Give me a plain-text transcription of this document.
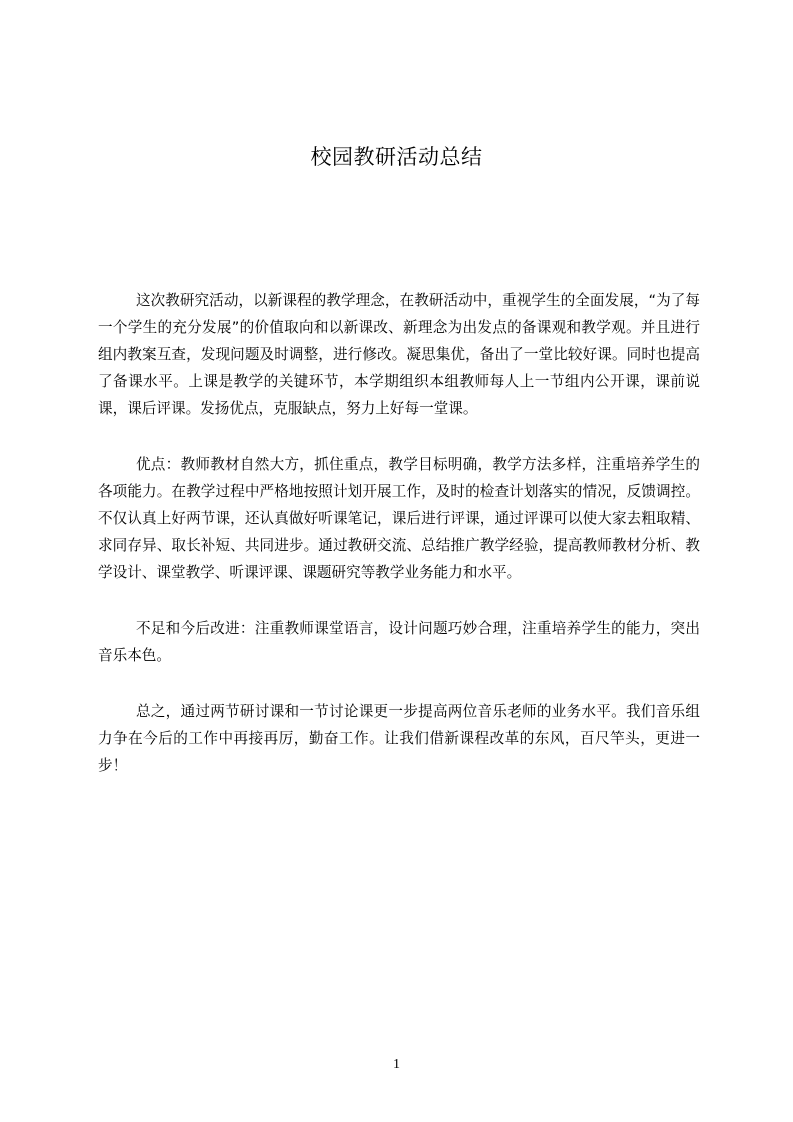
校园教研活动总结

这次教研究活动，以新课程的教学理念，在教研活动中，重视学生的全面发展，“为了每一个学生的充分发展”的价值取向和以新课改、新理念为出发点的备课观和教学观。并且进行组内教案互查，发现问题及时调整，进行修改。凝思集优，备出了一堂比较好课。同时也提高了备课水平。上课是教学的关键环节，本学期组织本组教师每人上一节组内公开课，课前说课，课后评课。发扬优点，克服缺点，努力上好每一堂课。

优点：教师教材自然大方，抓住重点，教学目标明确，教学方法多样，注重培养学生的各项能力。在教学过程中严格地按照计划开展工作，及时的检查计划落实的情况，反馈调控。不仅认真上好两节课，还认真做好听课笔记，课后进行评课，通过评课可以使大家去粗取精、求同存异、取长补短、共同进步。通过教研交流、总结推广教学经验，提高教师教材分析、教学设计、课堂教学、听课评课、课题研究等教学业务能力和水平。

不足和今后改进：注重教师课堂语言，设计问题巧妙合理，注重培养学生的能力，突出音乐本色。

总之，通过两节研讨课和一节讨论课更一步提高两位音乐老师的业务水平。我们音乐组力争在今后的工作中再接再厉，勤奋工作。让我们借新课程改革的东风，百尺竿头，更进一步！

1
